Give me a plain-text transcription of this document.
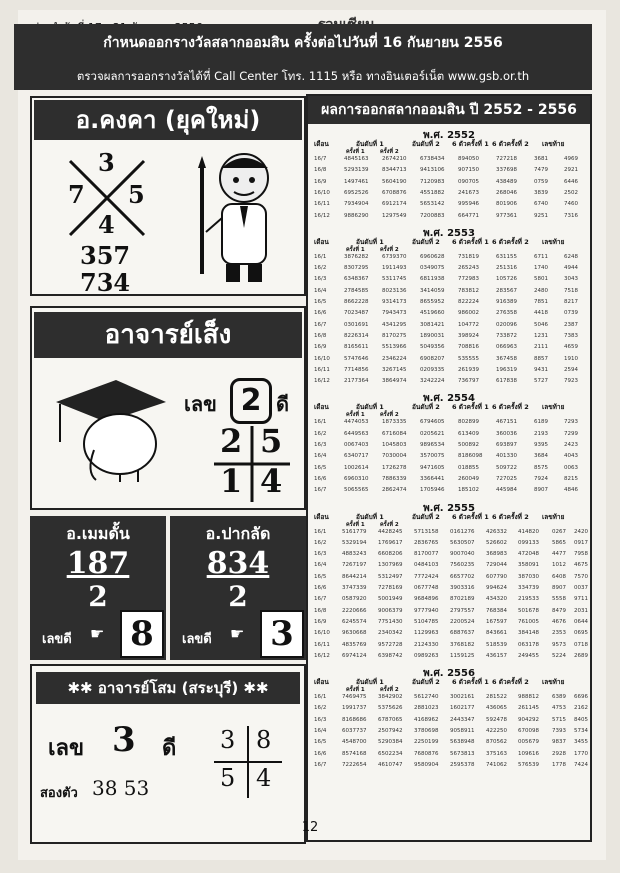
กำหนดออกรางวัลสลากออมสิน ครั้งต่อไปวันที่ 16 กันยายน 2556
ตรวจผลการออกรางวัลได้ที่ Call Center โทร. 1115 หรือ ทางอินเตอร์เน็ต www.gsb.or.th
อ.คงคา (ยุคใหม่)
3
7 5
4
357
734
อาจารย์เส็ง
เลข 2 ดี
2 5
1 4
อ.เมมดั้น
187
2
เลขดี ☛ 8
อ.ปากลัด
834
2
เลขดี ☛ 3
✱✱ อาจารย์โสม (สระบุรี) ✱✱
เลข 3 ดี 3 8
5 4
สองตัว 38 53
ผลการออกสลากออมสิน ปี 2552 - 2556
พ.ศ. 2552
เดือน	อันดับที่ 1	อันดับที่ 2 6 ตัวครั้งที่ 1 6 ตัวครั้งที่ 2 เลขท้าย
ครั้งที่ 1	ครั้งที่ 2
16/7	4845163 2674210 6738434 894050	727218	3681	4969
16/8	5293139 8344713 9413106 907150	337698	7479	2921
16/9	1497461 5604190 7120983 090705	438489	0759	6446
16/10	6952526 6708876 4551882 241673	268046	3839	2502
16/11	7934904 6912174 5653142 995946	801906	6740	7460
16/12	9886290 1297549 7200883 664771	977361	9251	7316
พ.ศ. 2553
เดือน	อันดับที่ 1	อันดับที่ 2 6 ตัวครั้งที่ 1 6 ตัวครั้งที่ 2 เลขท้าย
ครั้งที่ 1	ครั้งที่ 2
16/1	3876282 6739370 6960628 731819	631155	6711	6248
16/2	8307295 1911493 0349075 265243	251316	1740	4944
16/3	6348367 5311745 6811938 772983	105726	5801	3043
16/4	2784585 8023136 3414059 783812	283567	2480	7518
16/5	8662228 9314173 8655952 822224	916389	7851	8217
16/6	7023487 7943473 4519660 986002	276358	4418	0739
16/7	0301691 4341295 3081421 104772	020096	5046	2387
16/8	8226314 8170275 1890031 398924	733872	1231	7383
16/9	8165611 5513966 5049356 708816	066963	2111	4659
16/10	5747646 2346224 6908207 535555	367458	8857	1910
16/11	7714856 3267145 0209335 261939	196319	9431	2594
16/12	2177364 3864974 3242224 736797	617838	5727	7923
พ.ศ. 2554
เดือน	อันดับที่ 1	อันดับที่ 2 6 ตัวครั้งที่ 1 6 ตัวครั้งที่ 2 เลขท้าย
ครั้งที่ 1	ครั้งที่ 2
16/1	4474053 1873335 6794605 802899	467151	6189	7293
16/2	6449563 6716084 0205621 613409	360036	2193	7299
16/3	0067403 1045803 9896534 500892	693897	9395	2423
16/4	6340717 7030004 3570075 8186098 401330	3684	4043
16/5	1002614 1726278 9471605 018855	509722	8575	0063
16/6	6960310 7886339 3366441 260049	727025	7924	8215
16/7	5065565 2862474 1705946 185102	445984	8907	4846
พ.ศ. 2555
เดือน	อันดับที่ 1	อันดับที่ 2 6 ตัวครั้งที่ 1 6 ตัวครั้งที่ 2 เลขท้าย
ครั้งที่ 1	ครั้งที่ 2
16/1	5161779 4428245 5713158 0161276 426332 414820 0267 2420
16/2	5329194 1769617 2836765 5630507 526602 099133 5865 0917
16/3	4883243 6608206 8170077 9007040 368983 472048 4477 7958
16/4	7267197 1307969 0484103 7560235 729044 358091 1012 4675
16/5	8644214 5312497 7772424 6657702 607790 387030 6408 7570
16/6	3747339 7278169 0677748 3903316 994624 334739 8907 0037
16/7	0587920 5001949 9684896 8702189 434320 219533 5558 9711
16/8	2220666 9006379 9777940 2797557 768384 501678 8479 2031
16/9	6245574 7751430 5104785 2200524 167597 761005 4676 0644
16/10 9630668 2340342 1129963 6887637 843661 384148 2353 0695
16/11 4835769 9572728 2124330 3768182 518539 063178 9573 0718
16/12 6974124 6398742 0989263 1159125 436157 249455 5224 2689
พ.ศ. 2556
เดือน	อันดับที่ 1	อันดับที่ 2 6 ตัวครั้งที่ 1 6 ตัวครั้งที่ 2 เลขท้าย
ครั้งที่ 1	ครั้งที่ 2
16/1	7469475 3842902 5612740 3002161 281522 988812 6389 6696
16/2	1991737 5375626 2881023 1602177 436065 261145 4753 2162
16/3	8168686 6787065 4168962 2443347 592478 904292 5715 8405
16/4	6037737 2507942 3780698 9058911 422250 670098 7393 5734
16/5	4548700 5290384 2250199 5638948 870562 005679 9837 3455
16/6	8574168 6502234 7680876 5673813 375163 109616 2928 1770
16/7	7222654 4610747 9580904 2595378 741062 576539 1778 7424
12
